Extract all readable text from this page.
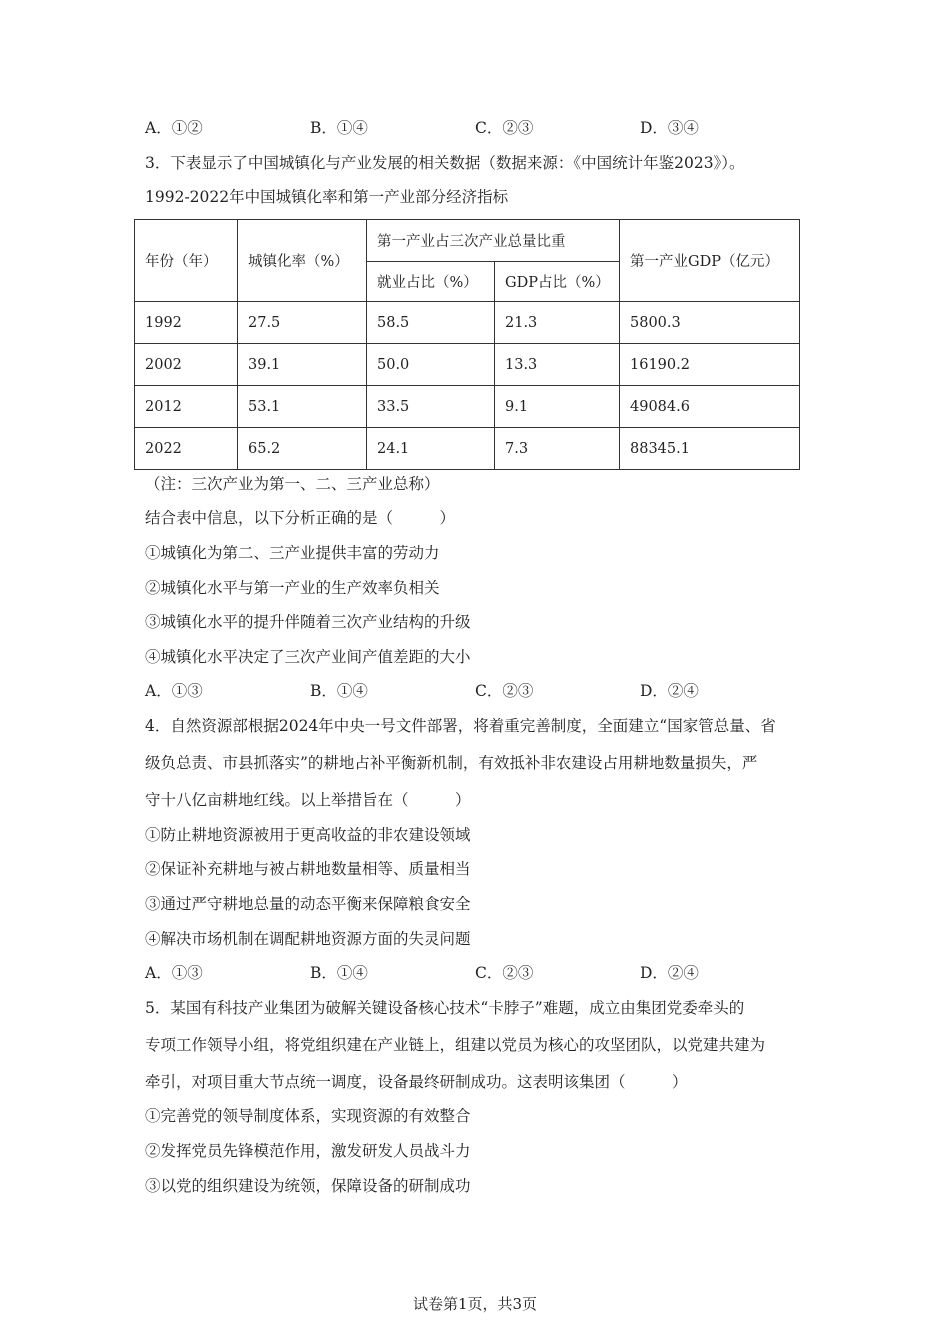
A．①②	B．①④	C．②③	D．③④
3．下表显示了中国城镇化与产业发展的相关数据（数据来源：《中国统计年鉴2023》）。
1992-2022年中国城镇化率和第一产业部分经济指标
年份（年）	城镇化率（%）	第一产业占三次产业总量比重		第一产业GDP（亿元）
		就业占比（%）	GDP占比（%）	
1992	27.5	58.5	21.3	5800.3
2002	39.1	50.0	13.3	16190.2
2012	53.1	33.5	9.1	49084.6
2022	65.2	24.1	7.3	88345.1
（注：三次产业为第一、二、三产业总称）
结合表中信息，以下分析正确的是（　　　）
①城镇化为第二、三产业提供丰富的劳动力
②城镇化水平与第一产业的生产效率负相关
③城镇化水平的提升伴随着三次产业结构的升级
④城镇化水平决定了三次产业间产值差距的大小
A．①③	B．①④	C．②③	D．②④
4．自然资源部根据2024年中央一号文件部署，将着重完善制度，全面建立“国家管总量、省
级负总责、市县抓落实”的耕地占补平衡新机制，有效抵补非农建设占用耕地数量损失，严
守十八亿亩耕地红线。以上举措旨在（　　　）
①防止耕地资源被用于更高收益的非农建设领域
②保证补充耕地与被占耕地数量相等、质量相当
③通过严守耕地总量的动态平衡来保障粮食安全
④解决市场机制在调配耕地资源方面的失灵问题
A．①③	B．①④	C．②③	D．②④
5．某国有科技产业集团为破解关键设备核心技术“卡脖子”难题，成立由集团党委牵头的
专项工作领导小组，将党组织建在产业链上，组建以党员为核心的攻坚团队，以党建共建为
牵引，对项目重大节点统一调度，设备最终研制成功。这表明该集团（　　　）
①完善党的领导制度体系，实现资源的有效整合
②发挥党员先锋模范作用，激发研发人员战斗力
③以党的组织建设为统领，保障设备的研制成功
试卷第1页，共3页
